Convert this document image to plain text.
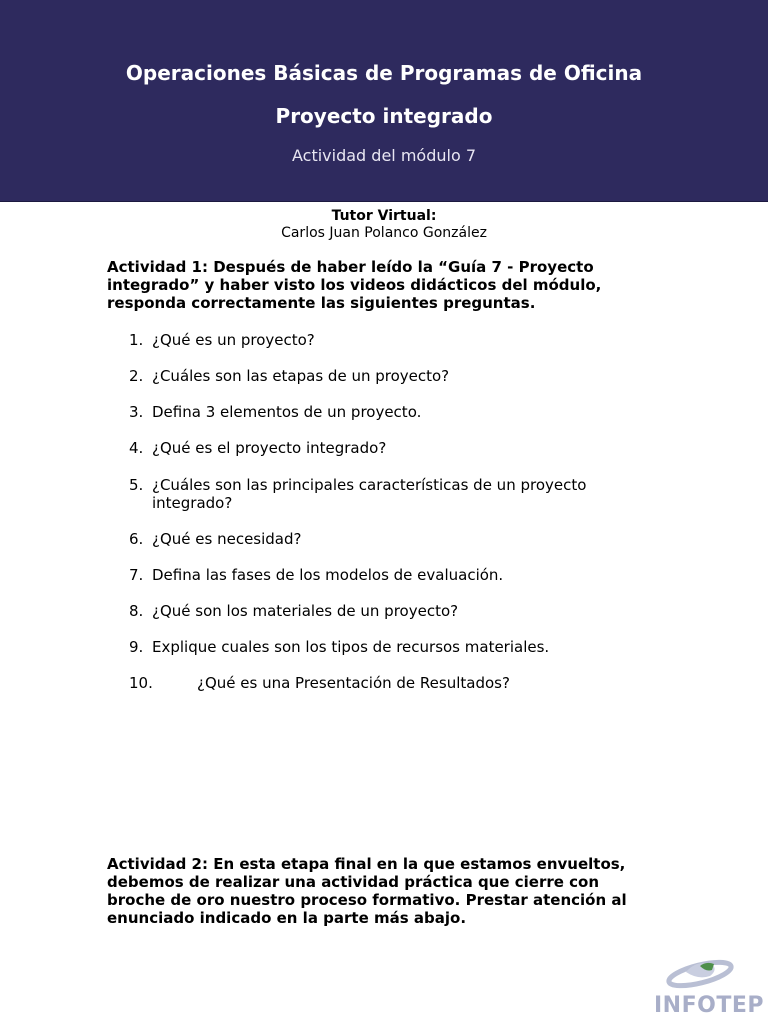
Operaciones Básicas de Programas de Oficina
Proyecto integrado
Actividad del módulo 7
Tutor Virtual:
Carlos Juan Polanco González
Actividad 1: Después de haber leído la “Guía 7 - Proyecto integrado” y haber visto los videos didácticos del módulo, responda correctamente las siguientes preguntas.
1. ¿Qué es un proyecto?
2. ¿Cuáles son las etapas de un proyecto?
3. Defina 3 elementos de un proyecto.
4. ¿Qué es el proyecto integrado?
5. ¿Cuáles son las principales características de un proyecto integrado?
6. ¿Qué es necesidad?
7. Defina las fases de los modelos de evaluación.
8. ¿Qué son los materiales de un proyecto?
9. Explique cuales son los tipos de recursos materiales.
10.	¿Qué es una Presentación de Resultados?
Actividad 2: En esta etapa final en la que estamos envueltos, debemos de realizar una actividad práctica que cierre con broche de oro nuestro proceso formativo. Prestar atención al enunciado indicado en la parte más abajo.
INFOTEP
